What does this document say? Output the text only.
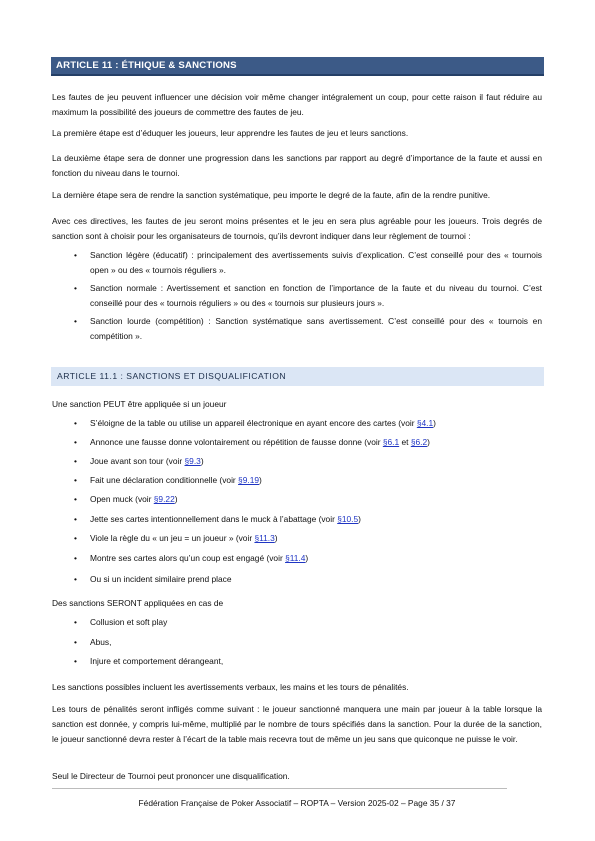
ARTICLE 11 : ÉTHIQUE & SANCTIONS

Les fautes de jeu peuvent influencer une décision voir même changer intégralement un coup, pour cette raison il faut réduire au maximum la possibilité des joueurs de commettre des fautes de jeu.

La première étape est d’éduquer les joueurs, leur apprendre les fautes de jeu et leurs sanctions.

La deuxième étape sera de donner une progression dans les sanctions par rapport au degré d’importance de la faute et aussi en fonction du niveau dans le tournoi.

La dernière étape sera de rendre la sanction systématique, peu importe le degré de la faute, afin de la rendre punitive.

Avec ces directives, les fautes de jeu seront moins présentes et le jeu en sera plus agréable pour les joueurs. Trois degrés de sanction sont à choisir pour les organisateurs de tournois, qu’ils devront indiquer dans leur règlement de tournoi :

• Sanction légère (éducatif) : principalement des avertissements suivis d’explication. C’est conseillé pour des « tournois open » ou des « tournois réguliers ».

• Sanction normale : Avertissement et sanction en fonction de l’importance de la faute et du niveau du tournoi. C’est conseillé pour des « tournois réguliers » ou des « tournois sur plusieurs jours ».

• Sanction lourde (compétition) : Sanction systématique sans avertissement. C’est conseillé pour des « tournois en compétition ».

ARTICLE 11.1 : SANCTIONS ET DISQUALIFICATION

Une sanction PEUT être appliquée si un joueur

• S’éloigne de la table ou utilise un appareil électronique en ayant encore des cartes (voir §4.1)

• Annonce une fausse donne volontairement ou répétition de fausse donne (voir §6.1 et §6.2)

• Joue avant son tour (voir §9.3)

• Fait une déclaration conditionnelle (voir §9.19)

• Open muck (voir §9.22)

• Jette ses cartes intentionnellement dans le muck à l’abattage (voir §10.5)

• Viole la règle du « un jeu = un joueur » (voir §11.3)

• Montre ses cartes alors qu’un coup est engagé (voir §11.4)

• Ou si un incident similaire prend place

Des sanctions SERONT appliquées en cas de

• Collusion et soft play

• Abus,

• Injure et comportement dérangeant,

Les sanctions possibles incluent les avertissements verbaux, les mains et les tours de pénalités.

Les tours de pénalités seront infligés comme suivant : le joueur sanctionné manquera une main par joueur à la table lorsque la sanction est donnée, y compris lui-même, multiplié par le nombre de tours spécifiés dans la sanction. Pour la durée de la sanction, le joueur sanctionné devra rester à l’écart de la table mais recevra tout de même un jeu sans que quiconque ne puisse le voir.

Seul le Directeur de Tournoi peut prononcer une disqualification.

Fédération Française de Poker Associatif – ROPTA – Version 2025-02 – Page 35 / 37
